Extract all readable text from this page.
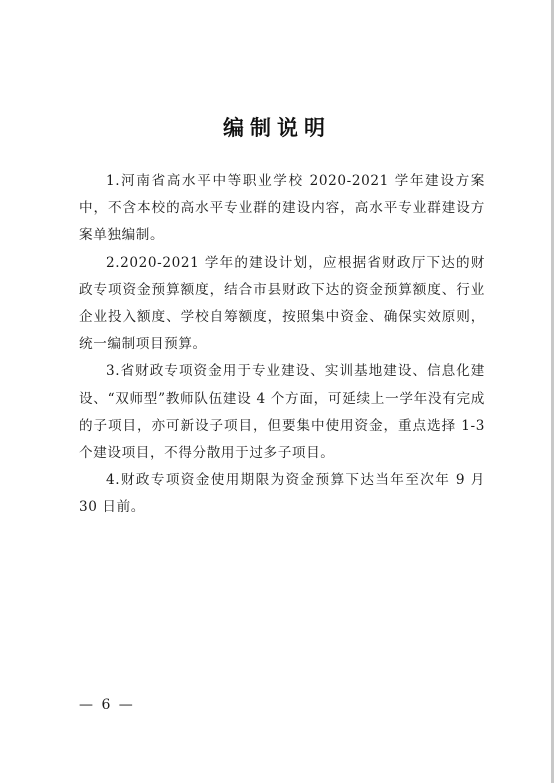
编制说明

1.河南省高水平中等职业学校 2020-2021 学年建设方案中，不含本校的高水平专业群的建设内容，高水平专业群建设方案单独编制。

2.2020-2021 学年的建设计划，应根据省财政厅下达的财政专项资金预算额度，结合市县财政下达的资金预算额度、行业企业投入额度、学校自筹额度，按照集中资金、确保实效原则，统一编制项目预算。

3.省财政专项资金用于专业建设、实训基地建设、信息化建设、“双师型”教师队伍建设 4 个方面，可延续上一学年没有完成的子项目，亦可新设子项目，但要集中使用资金，重点选择 1-3 个建设项目，不得分散用于过多子项目。

4.财政专项资金使用期限为资金预算下达当年至次年 9 月 30 日前。

— 6 —
